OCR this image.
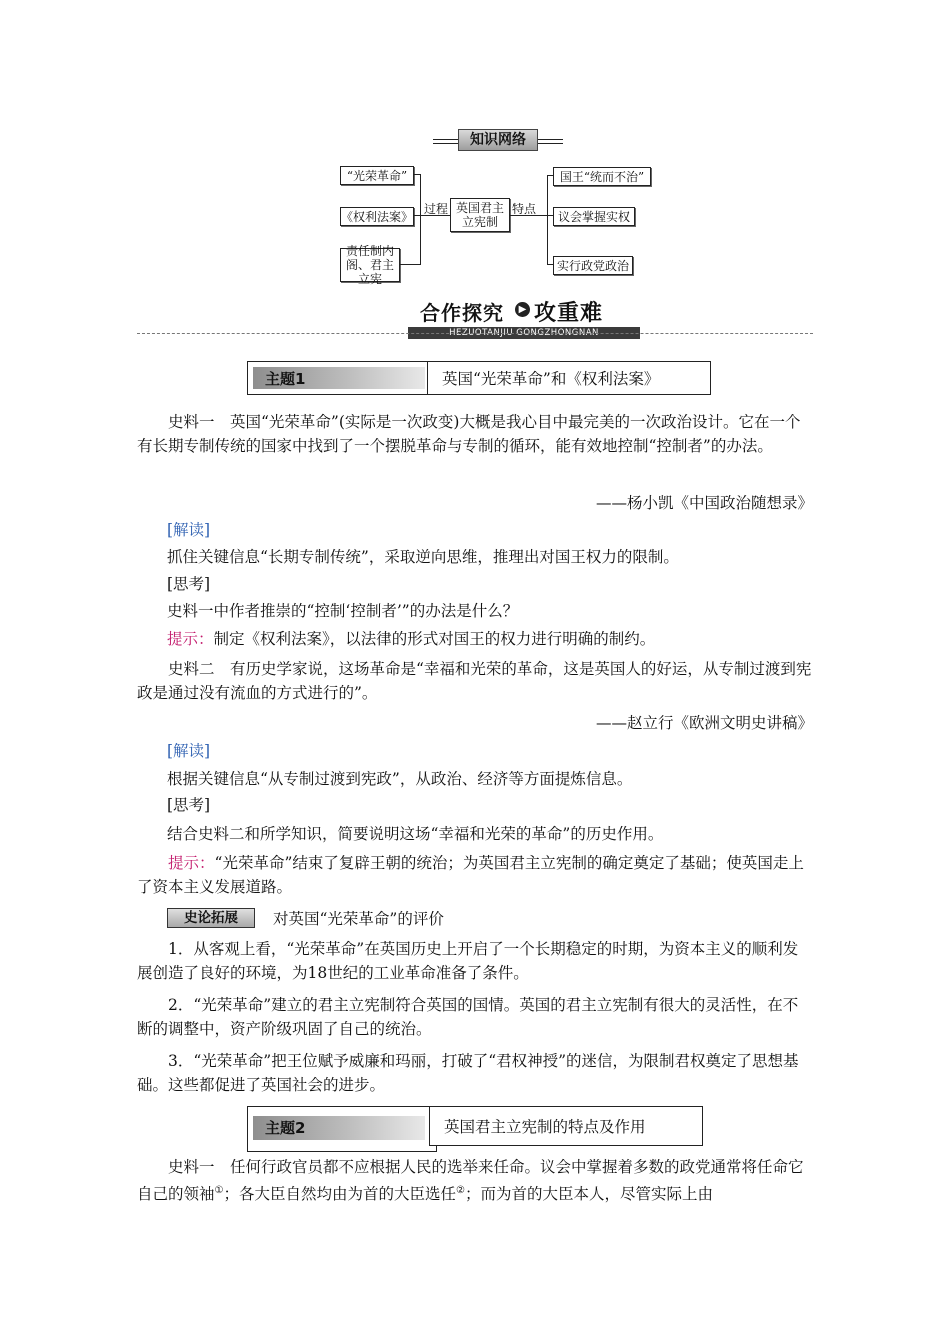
知识网络
“光荣革命”
《权利法案》
责任制内阁、君主立宪
过程 英国君主立宪制
特点
国王“统而不治”
议会掌握实权
实行政党政治
合作探究	▶ 攻重难
HEZUOTANJIU GONGZHONGNAN
主题1	英国“光荣革命”和《权利法案》

史料一　英国“光荣革命”(实际是一次政变)大概是我心目中最完美的一次政治设计。它在一个有长期专制传统的国家中找到了一个摆脱革命与专制的循环，能有效地控制“控制者”的办法。

——杨小凯《中国政治随想录》
[解读]
抓住关键信息“长期专制传统”，采取逆向思维，推理出对国王权力的限制。
[思考]
史料一中作者推崇的“控制‘控制者’”的办法是什么？
提示：制定《权利法案》，以法律的形式对国王的权力进行明确的制约。

史料二　有历史学家说，这场革命是“幸福和光荣的革命，这是英国人的好运，从专制过渡到宪政是通过没有流血的方式进行的”。

——赵立行《欧洲文明史讲稿》
[解读]
根据关键信息“从专制过渡到宪政”，从政治、经济等方面提炼信息。
[思考]
结合史料二和所学知识，简要说明这场“幸福和光荣的革命”的历史作用。

提示：“光荣革命”结束了复辟王朝的统治；为英国君主立宪制的确定奠定了基础；使英国走上了资本主义发展道路。

史论拓展	对英国“光荣革命”的评价

1．从客观上看，“光荣革命”在英国历史上开启了一个长期稳定的时期，为资本主义的顺利发展创造了良好的环境，为18世纪的工业革命准备了条件。

2．“光荣革命”建立的君主立宪制符合英国的国情。英国的君主立宪制有很大的灵活性，在不断的调整中，资产阶级巩固了自己的统治。

3．“光荣革命”把王位赋予威廉和玛丽，打破了“君权神授”的迷信，为限制君权奠定了思想基础。这些都促进了英国社会的进步。

主题2	英国君主立宪制的特点及作用

史料一　任何行政官员都不应根据人民的选举来任命。议会中掌握着多数的政党通常将任命它自己的领袖①；各大臣自然均由为首的大臣选任②；而为首的大臣本人，尽管实际上由
